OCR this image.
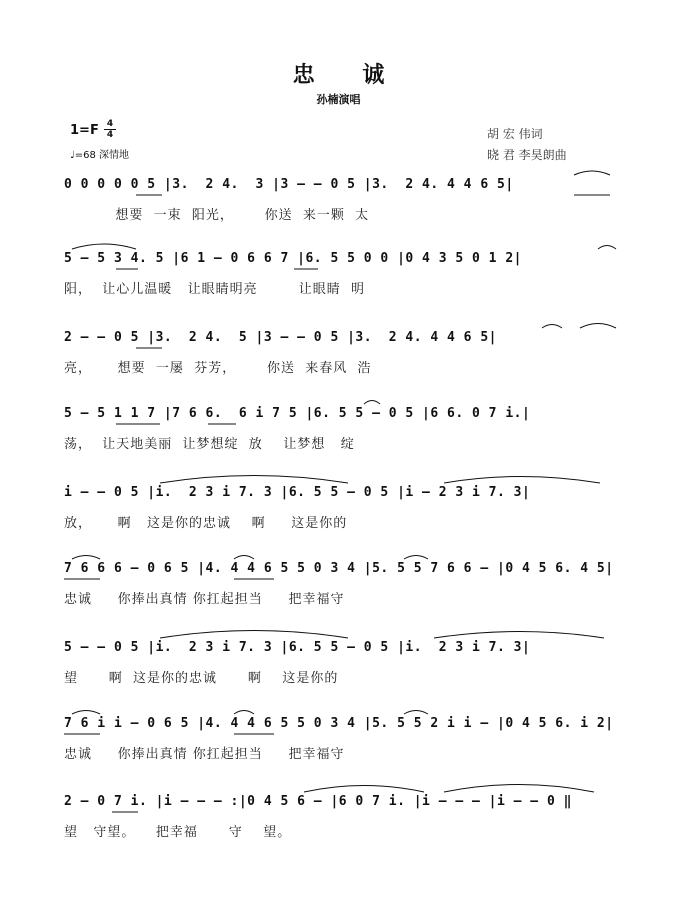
忠 诚
孙楠演唱
1=F 4
4
♩=68 深情地
胡 宏 伟词
晓 君 李昊朗曲
0 0 0 0 0 5 |3.  2 4.  3 |3 – – 0 5 |3.  2 4. 4 4 6 5|
想要  一束  阳光，      你送  来一颗  太
5 – 5 3 4. 5 |6 1 – 0 6 6 7 |6. 5 5 0 0 |0 4 3 5 0 1 2|
阳，  让心儿温暖   让眼睛明亮        让眼睛  明
2 – – 0 5 |3.  2 4.  5 |3 – – 0 5 |3.  2 4. 4 4 6 5|
亮，     想要  一屡  芬芳，      你送  来春风  浩
5 – 5 1 1 7 |7 6 6.  6 i 7 5 |6. 5 5 – 0 5 |6 6. 0 7 i.|
荡，  让天地美丽  让梦想绽  放    让梦想   绽
i – – 0 5 |i.  2 3 i 7. 3 |6. 5 5 – 0 5 |i – 2 3 i 7. 3|
放，     啊   这是你的忠诚    啊     这是你的
7 6 6 6 – 0 6 5 |4. 4 4 6 5 5 0 3 4 |5. 5 5 7 6 6 – |0 4 5 6. 4 5|
忠诚     你捧出真情 你扛起担当     把幸福守
5 – – 0 5 |i.  2 3 i 7. 3 |6. 5 5 – 0 5 |i.  2 3 i 7. 3|
望      啊  这是你的忠诚      啊    这是你的
7 6 i i – 0 6 5 |4. 4 4 6 5 5 0 3 4 |5. 5 5 2 i i – |0 4 5 6. i 2|
忠诚     你捧出真情 你扛起担当     把幸福守
2 – 0 7 i. |i – – – :|0 4 5 6 – |6 0 7 i. |i – – – |i – – 0 ‖
望   守望。    把幸福      守    望。
